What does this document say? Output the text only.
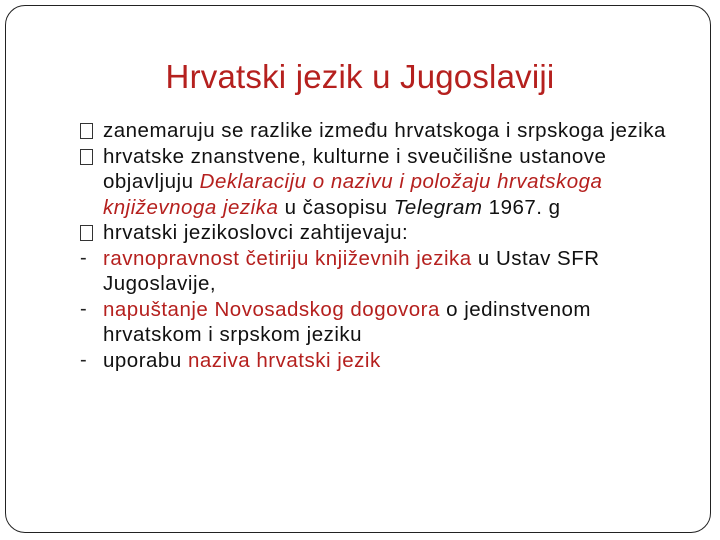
Hrvatski jezik u Jugoslaviji
zanemaruju se razlike između hrvatskoga i srpskoga jezika
hrvatske znanstvene, kulturne i sveučilišne ustanove objavljuju Deklaraciju o nazivu i položaju hrvatskoga književnoga jezika u časopisu Telegram 1967. g
hrvatski jezikoslovci zahtijevaju:
- ravnopravnost četiriju književnih jezika u Ustav SFR Jugoslavije,
- napuštanje Novosadskog dogovora o jedinstvenom hrvatskom i srpskom jeziku
- uporabu naziva hrvatski jezik
